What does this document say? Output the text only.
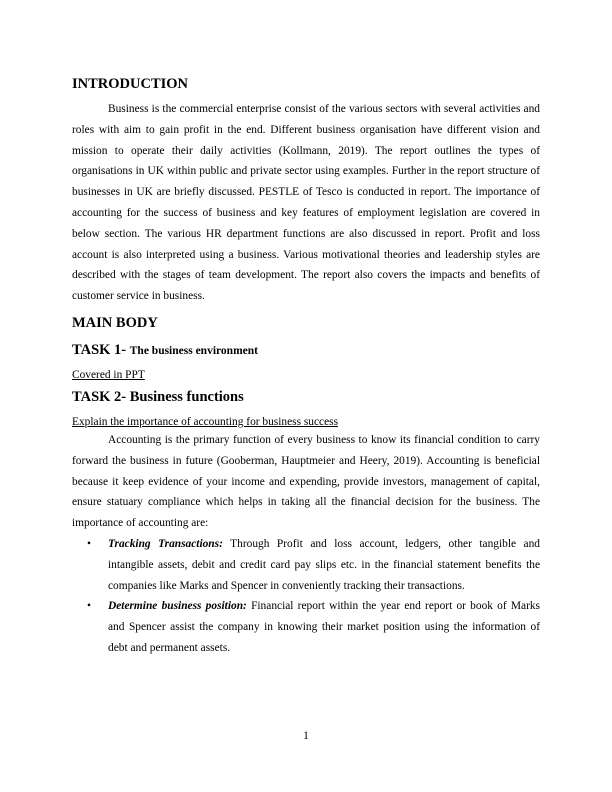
INTRODUCTION

Business is the commercial enterprise consist of the various sectors with several activities and roles with aim to gain profit in the end. Different business organisation have different vision and mission to operate their daily activities (Kollmann, 2019). The report outlines the types of organisations in UK within public and private sector using examples. Further in the report structure of businesses in UK are briefly discussed. PESTLE of Tesco is conducted in report. The importance of accounting for the success of business and key features of employment legislation are covered in below section. The various HR department functions are also discussed in report. Profit and loss account is also interpreted using a business. Various motivational theories and leadership styles are described with the stages of team development. The report also covers the impacts and benefits of customer service in business.

MAIN BODY
TASK 1- The business environment
Covered in PPT
TASK 2- Business functions
Explain the importance of accounting for business success

Accounting is the primary function of every business to know its financial condition to carry forward the business in future (Gooberman, Hauptmeier and Heery, 2019). Accounting is beneficial because it keep evidence of your income and expending, provide investors, management of capital, ensure statuary compliance which helps in taking all the financial decision for the business. The importance of accounting are:

• Tracking Transactions: Through Profit and loss account, ledgers, other tangible and intangible assets, debit and credit card pay slips etc. in the financial statement benefits the companies like Marks and Spencer in conveniently tracking their transactions.
• Determine business position: Financial report within the year end report or book of Marks and Spencer assist the company in knowing their market position using the information of debt and permanent assets.
1
